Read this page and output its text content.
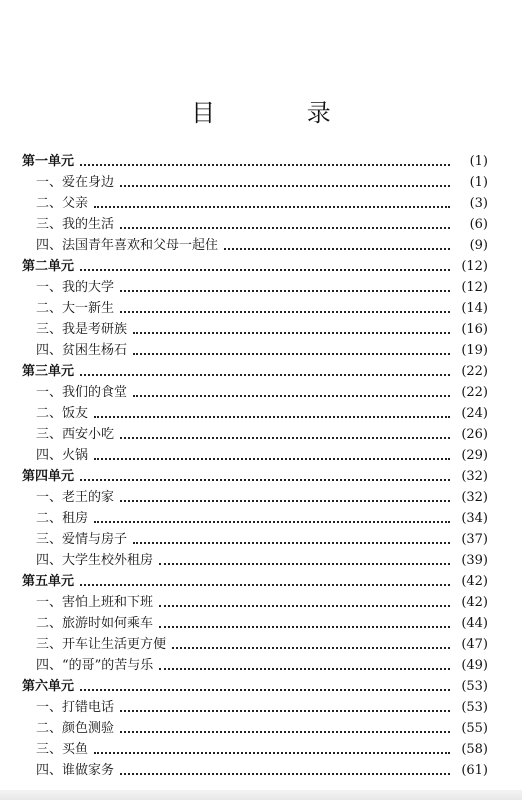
目 录
第一单元	(1)
一、爱在身边	(1)
二、父亲	(3)
三、我的生活	(6)
四、法国青年喜欢和父母一起住	(9)
第二单元	(12)
一、我的大学	(12)
二、大一新生	(14)
三、我是考研族	(16)
四、贫困生杨石	(19)
第三单元	(22)
一、我们的食堂	(22)
二、饭友	(24)
三、西安小吃	(26)
四、火锅	(29)
第四单元	(32)
一、老王的家	(32)
二、租房	(34)
三、爱情与房子	(37)
四、大学生校外租房	(39)
第五单元	(42)
一、害怕上班和下班	(42)
二、旅游时如何乘车	(44)
三、开车让生活更方便	(47)
四、“的哥”的苦与乐	(49)
第六单元	(53)
一、打错电话	(53)
二、颜色测验	(55)
三、买鱼	(58)
四、谁做家务	(61)
